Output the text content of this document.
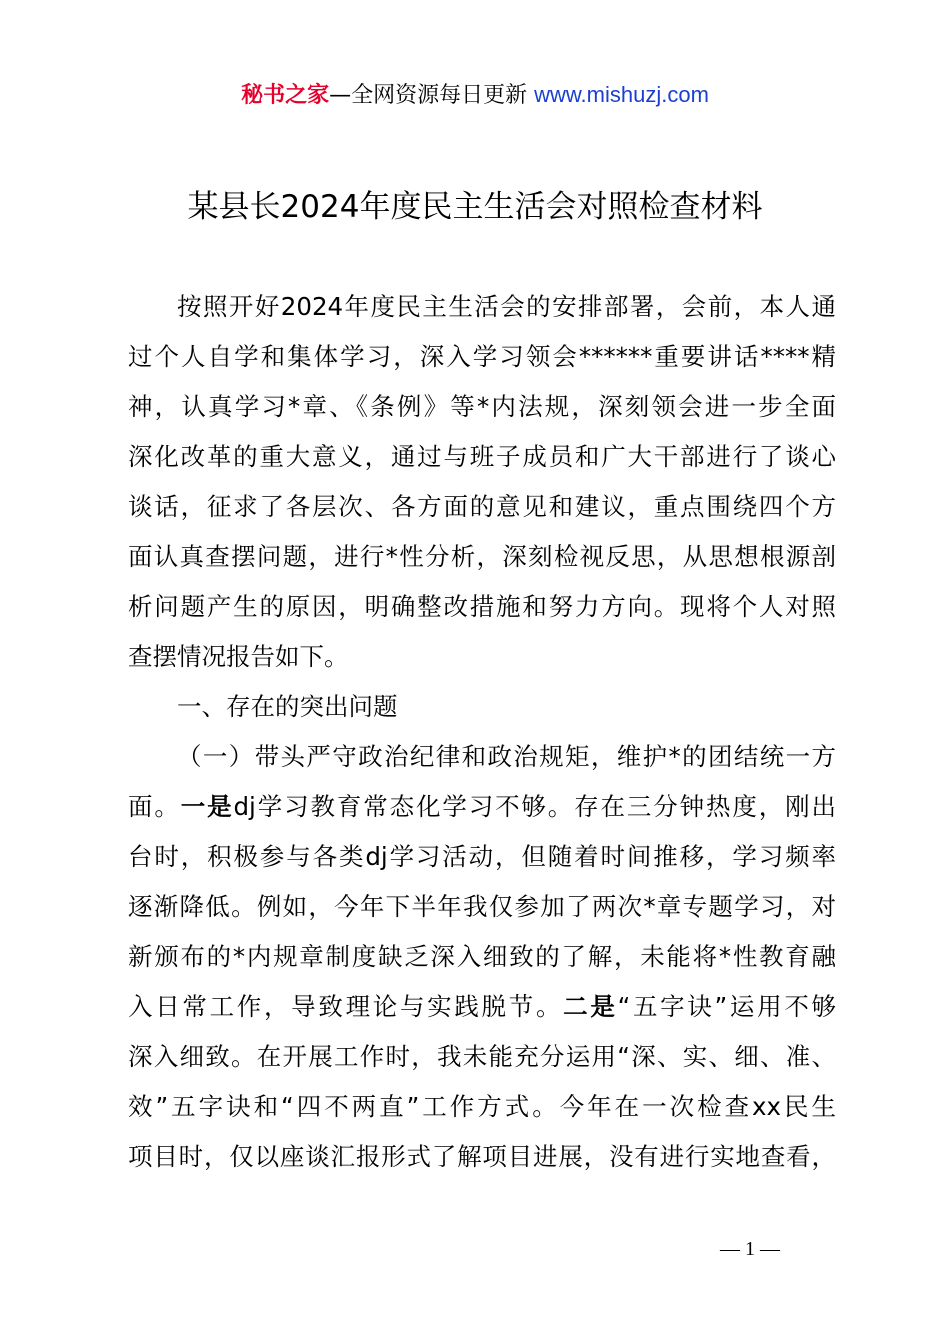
秘书之家—全网资源每日更新 www.mishuzj.com
某县长2024年度民主生活会对照检查材料
按照开好2024年度民主生活会的安排部署，会前，本人通
过个人自学和集体学习，深入学习领会******重要讲话****精
神，认真学习*章、《条例》等*内法规，深刻领会进一步全面
深化改革的重大意义，通过与班子成员和广大干部进行了谈心
谈话，征求了各层次、各方面的意见和建议，重点围绕四个方
面认真查摆问题，进行*性分析，深刻检视反思，从思想根源剖
析问题产生的原因，明确整改措施和努力方向。现将个人对照
查摆情况报告如下。
一、存在的突出问题
（一）带头严守政治纪律和政治规矩，维护*的团结统一方
面。一是dj学习教育常态化学习不够。存在三分钟热度，刚出
台时，积极参与各类dj学习活动，但随着时间推移，学习频率
逐渐降低。例如，今年下半年我仅参加了两次*章专题学习，对
新颁布的*内规章制度缺乏深入细致的了解，未能将*性教育融
入日常工作，导致理论与实践脱节。二是“五字诀”运用不够
深入细致。在开展工作时，我未能充分运用“深、实、细、准、
效”五字诀和“四不两直”工作方式。今年在一次检查xx民生
项目时，仅以座谈汇报形式了解项目进展，没有进行实地查看，
— 1 —
